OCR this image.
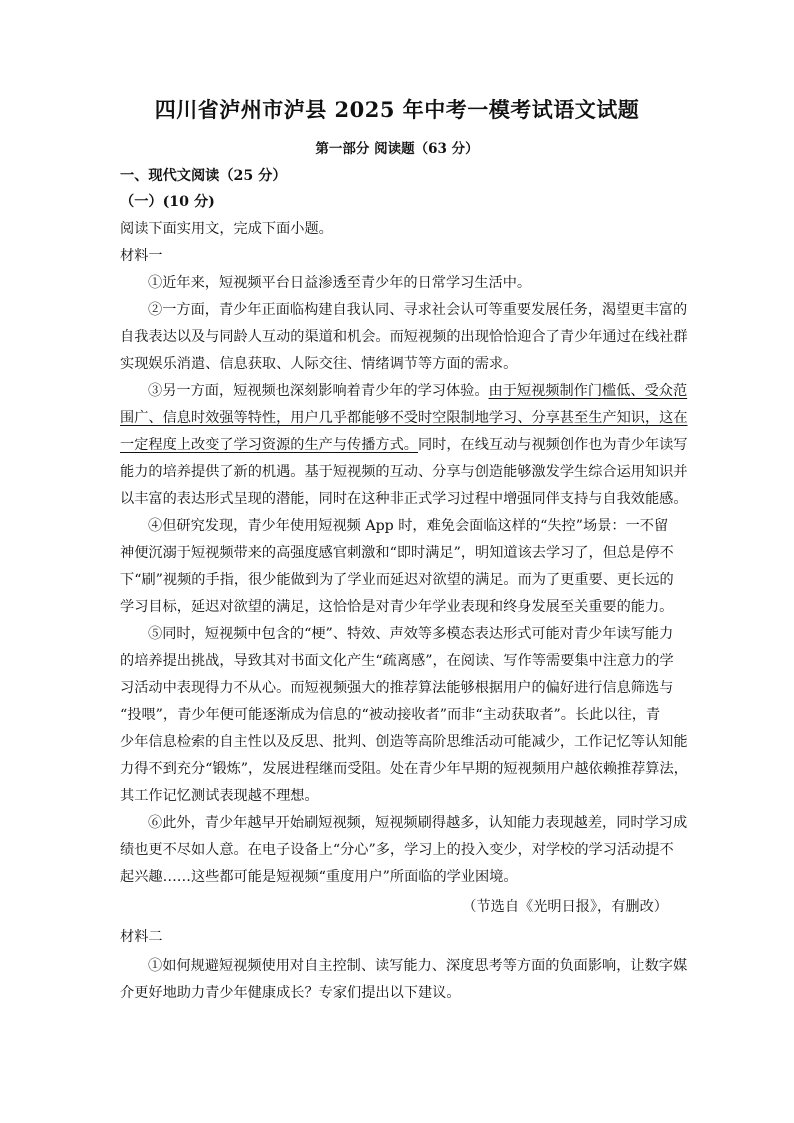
四川省泸州市泸县 2025 年中考一模考试语文试题
第一部分 阅读题（63 分）
一、现代文阅读（25 分）
（一）(10 分)
阅读下面实用文，完成下面小题。
材料一
①近年来，短视频平台日益渗透至青少年的日常学习生活中。
②一方面，青少年正面临构建自我认同、寻求社会认可等重要发展任务，渴望更丰富的
自我表达以及与同龄人互动的渠道和机会。而短视频的出现恰恰迎合了青少年通过在线社群
实现娱乐消遣、信息获取、人际交往、情绪调节等方面的需求。
③另一方面，短视频也深刻影响着青少年的学习体验。由于短视频制作门槛低、受众范
围广、信息时效强等特性，用户几乎都能够不受时空限制地学习、分享甚至生产知识，这在
一定程度上改变了学习资源的生产与传播方式。同时，在线互动与视频创作也为青少年读写
能力的培养提供了新的机遇。基于短视频的互动、分享与创造能够激发学生综合运用知识并
以丰富的表达形式呈现的潜能，同时在这种非正式学习过程中增强同伴支持与自我效能感。
④但研究发现，青少年使用短视频 App 时，难免会面临这样的“失控”场景：一不留
神便沉溺于短视频带来的高强度感官刺激和“即时满足”，明知道该去学习了，但总是停不
下“刷”视频的手指，很少能做到为了学业而延迟对欲望的满足。而为了更重要、更长远的
学习目标，延迟对欲望的满足，这恰恰是对青少年学业表现和终身发展至关重要的能力。
⑤同时，短视频中包含的“梗”、特效、声效等多模态表达形式可能对青少年读写能力
的培养提出挑战，导致其对书面文化产生“疏离感”，在阅读、写作等需要集中注意力的学
习活动中表现得力不从心。而短视频强大的推荐算法能够根据用户的偏好进行信息筛选与
“投喂”，青少年便可能逐渐成为信息的“被动接收者”而非“主动获取者”。长此以往，青
少年信息检索的自主性以及反思、批判、创造等高阶思维活动可能减少，工作记忆等认知能
力得不到充分“锻炼”，发展进程继而受阻。处在青少年早期的短视频用户越依赖推荐算法，
其工作记忆测试表现越不理想。
⑥此外，青少年越早开始刷短视频，短视频刷得越多，认知能力表现越差，同时学习成
绩也更不尽如人意。在电子设备上“分心”多，学习上的投入变少，对学校的学习活动提不
起兴趣……这些都可能是短视频“重度用户”所面临的学业困境。
（节选自《光明日报》，有删改）
材料二
①如何规避短视频使用对自主控制、读写能力、深度思考等方面的负面影响，让数字媒
介更好地助力青少年健康成长？专家们提出以下建议。
